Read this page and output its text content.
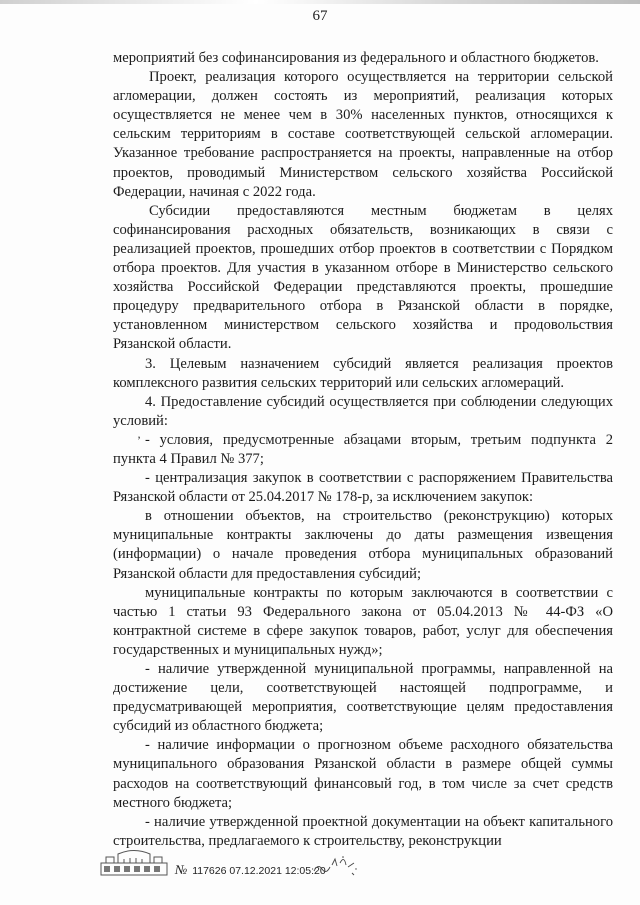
67

мероприятий без софинансирования из федерального и областного бюджетов.

Проект, реализация которого осуществляется на территории сельской агломерации, должен состоять из мероприятий, реализация которых осуществляется не менее чем в 30% населенных пунктов, относящихся к сельским территориям в составе соответствующей сельской агломерации. Указанное требование распространяется на проекты, направленные на отбор проектов, проводимый Министерством сельского хозяйства Российской Федерации, начиная с 2022 года.

Субсидии предоставляются местным бюджетам в целях софинансирования расходных обязательств, возникающих в связи с реализацией проектов, прошедших отбор проектов в соответствии с Порядком отбора проектов. Для участия в указанном отборе в Министерство сельского хозяйства Российской Федерации представляются проекты, прошедшие процедуру предварительного отбора в Рязанской области в порядке, установленном министерством сельского хозяйства и продовольствия Рязанской области.

3. Целевым назначением субсидий является реализация проектов комплексного развития сельских территорий или сельских агломераций.

4. Предоставление субсидий осуществляется при соблюдении следующих условий:

’ - условия, предусмотренные абзацами вторым, третьим подпункта 2 пункта 4 Правил № 377;

- централизация закупок в соответствии с распоряжением Правительства Рязанской области от 25.04.2017 № 178-р, за исключением закупок:

в отношении объектов, на строительство (реконструкцию) которых муниципальные контракты заключены до даты размещения извещения (информации) о начале проведения отбора муниципальных образований Рязанской области для предоставления субсидий;

муниципальные контракты по которым заключаются в соответствии с частью 1 статьи 93 Федерального закона от 05.04.2013 № 44-ФЗ «О контрактной системе в сфере закупок товаров, работ, услуг для обеспечения государственных и муниципальных нужд»;

- наличие утвержденной муниципальной программы, направленной на достижение цели, соответствующей настоящей подпрограмме, и предусматривающей мероприятия, соответствующие целям предоставления субсидий из областного бюджета;

- наличие информации о прогнозном объеме расходного обязательства муниципального образования Рязанской области в размере общей суммы расходов на соответствующий финансовый год, в том числе за счет средств местного бюджета;

- наличие утвержденной проектной документации на объект капитального строительства, предлагаемого к строительству, реконструкции

№ 117626 07.12.2021 12:05:20
